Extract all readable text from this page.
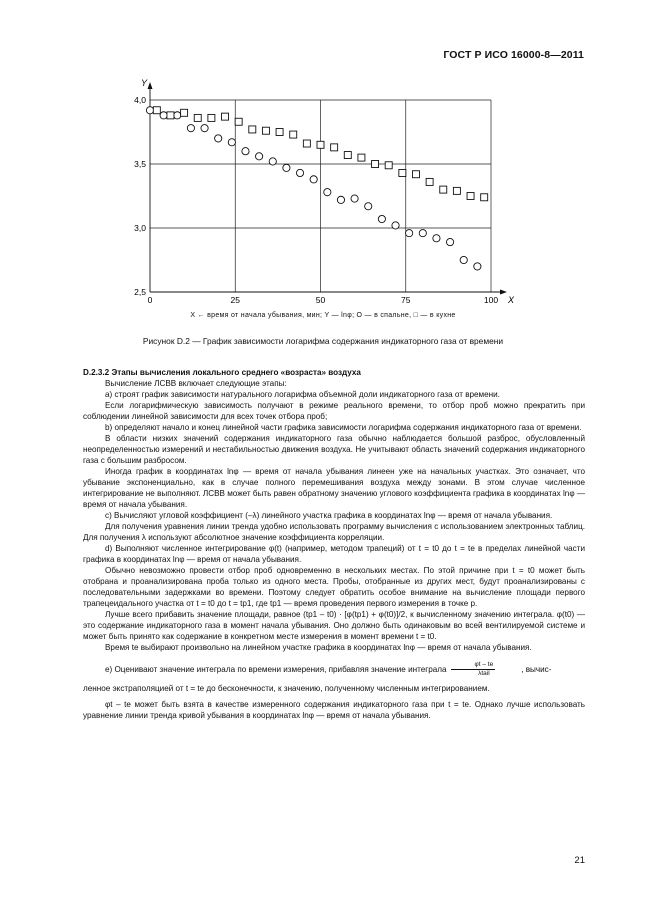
ГОСТ Р ИСО 16000-8—2011
0	25	50	75	100
2,5
3,0
3,5
4,0
X
Y
X ← время от начала убывания, мин; Y — lnφ; O — в спальне, □ — в кухне
Рисунок D.2 — График зависимости логарифма содержания индикаторного газа от времени

D.2.3.2 Этапы вычисления локального среднего «возраста» воздуха

Вычисление ЛСВВ включает следующие этапы:

а) строят график зависимости натурального логарифма объемной доли индикаторного газа от времени.

Если логарифмическую зависимость получают в режиме реального времени, то отбор проб можно прекратить при соблюдении линейной зависимости для всех точек отбора проб;

b) определяют начало и конец линейной части графика зависимости логарифма содержания индикаторного газа от времени.

В области низких значений содержания индикаторного газа обычно наблюдается большой разброс, обусловленный неопределенностью измерений и нестабильностью движения воздуха. Не учитывают область значений содержания индикаторного газа с большим разбросом.

Иногда график в координатах lnφ — время от начала убывания линеен уже на начальных участках. Это означает, что убывание экспоненциально, как в случае полного перемешивания воздуха между зонами. В этом случае численное интегрирование не выполняют. ЛСВВ может быть равен обратному значению углового коэффициента графика в координатах lnφ — время от начала убывания.

с) Вычисляют угловой коэффициент (–λ) линейного участка графика в координатах lnφ — время от начала убывания.

Для получения уравнения линии тренда удобно использовать программу вычисления с использованием электронных таблиц. Для получения λ используют абсолютное значение коэффициента корреляции.

d) Выполняют численное интегрирование φ(t) (например, методом трапеций) от t = t0 до t = te в пределах линейной части графика в координатах lnφ — время от начала убывания.

Обычно невозможно провести отбор проб одновременно в нескольких местах. По этой причине при t = t0 может быть отобрана и проанализирована проба только из одного места. Пробы, отобранные из других мест, будут проанализированы с последовательными задержками во времени. Поэтому следует обратить особое внимание на вычисление площади первого трапецеидального участка от t = t0 до t = tp1, где tp1 — время проведения первого измерения в точке p.

Лучше всего прибавить значение площади, равное (tp1 – t0) · [φ(tp1) + φ(t0)]/2, к вычисленному значению интеграла. φ(t0) — это содержание индикаторного газа в момент начала убывания. Оно должно быть одинаковым во всей вентилируемой системе и может быть принято как содержание в конкретном месте измерения в момент времени t = t0.

Время te выбирают произвольно на линейном участке графика в координатах lnφ — время от начала убывания.

е) Оцениваю​т значение интеграла по времени измерения, прибавляя значение интеграла $\frac{\varphi t - te}{\text{λtail}}$	, вычис-

ленное экстраполяцией от t = te до бесконечности, к значению, полученному численным интегрированием.

φt – te может быть взята в качестве измеренного содержания индикаторного газа при t = te. Однако лучше использовать уравнение линии тренда кривой убывания в координатах lnφ — время от начала убывания.

21
